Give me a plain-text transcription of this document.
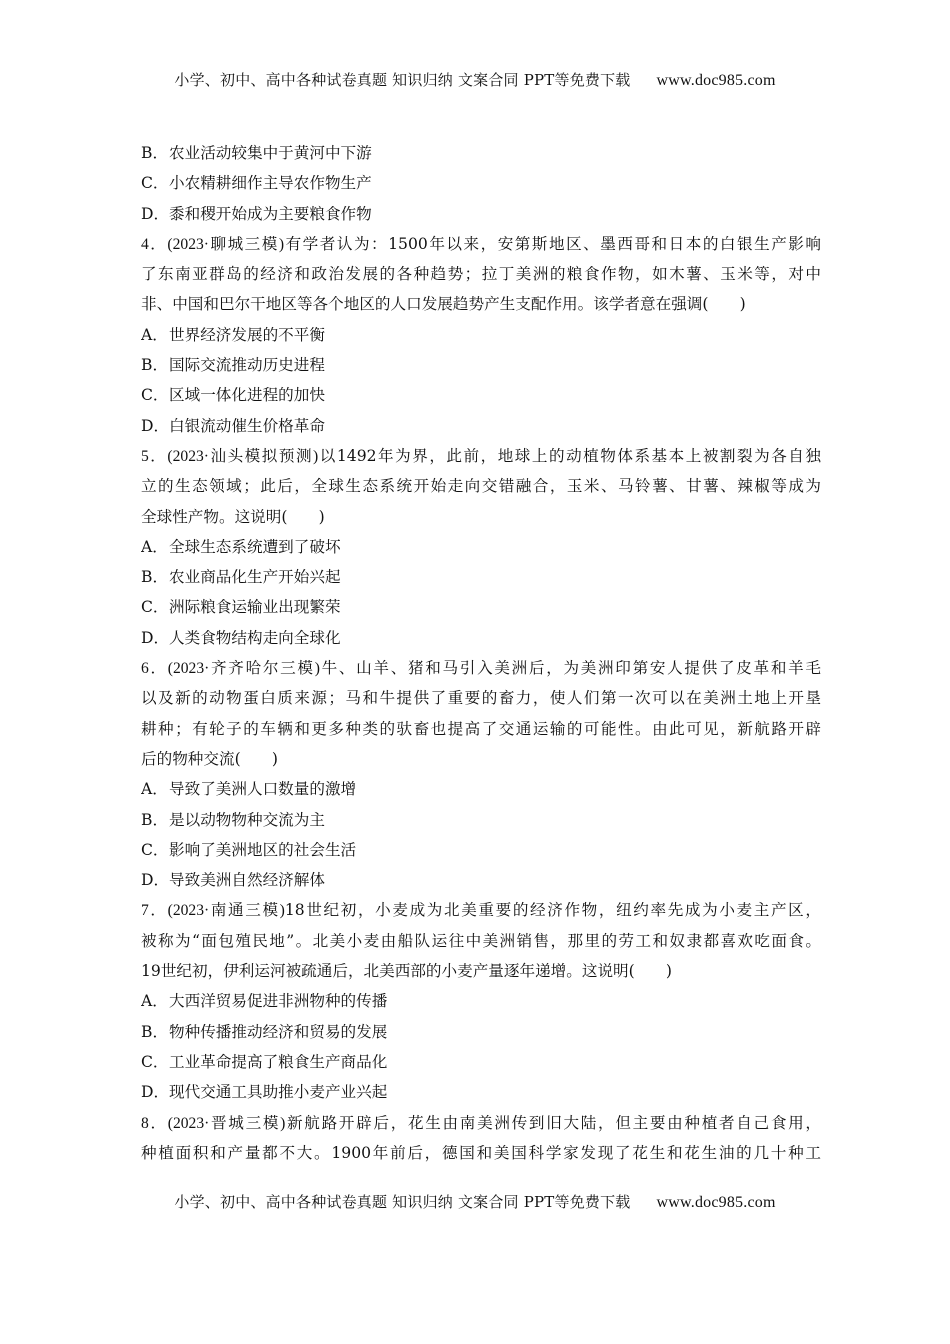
小学、初中、高中各种试卷真题 知识归纳 文案合同 PPT等免费下载 www.doc985.com
B．农业活动较集中于黄河中下游
C．小农精耕细作主导农作物生产
D．黍和稷开始成为主要粮食作物
4．(2023·聊城三模)有学者认为：1500年以来，安第斯地区、墨西哥和日本的白银生产影响
了东南亚群岛的经济和政治发展的各种趋势；拉丁美洲的粮食作物，如木薯、玉米等，对中
非、中国和巴尔干地区等各个地区的人口发展趋势产生支配作用。该学者意在强调(　　)
A．世界经济发展的不平衡
B．国际交流推动历史进程
C．区域一体化进程的加快
D．白银流动催生价格革命
5．(2023·汕头模拟预测)以1492年为界，此前，地球上的动植物体系基本上被割裂为各自独
立的生态领域；此后，全球生态系统开始走向交错融合，玉米、马铃薯、甘薯、辣椒等成为
全球性产物。这说明(　　)
A．全球生态系统遭到了破坏
B．农业商品化生产开始兴起
C．洲际粮食运输业出现繁荣
D．人类食物结构走向全球化
6．(2023·齐齐哈尔三模)牛、山羊、猪和马引入美洲后，为美洲印第安人提供了皮革和羊毛
以及新的动物蛋白质来源；马和牛提供了重要的畜力，使人们第一次可以在美洲土地上开垦
耕种；有轮子的车辆和更多种类的驮畜也提高了交通运输的可能性。由此可见，新航路开辟
后的物种交流(　　)
A．导致了美洲人口数量的激增
B．是以动物物种交流为主
C．影响了美洲地区的社会生活
D．导致美洲自然经济解体
7．(2023·南通三模)18世纪初，小麦成为北美重要的经济作物，纽约率先成为小麦主产区，
被称为“面包殖民地”。北美小麦由船队运往中美洲销售，那里的劳工和奴隶都喜欢吃面食。
19世纪初，伊利运河被疏通后，北美西部的小麦产量逐年递增。这说明(　　)
A．大西洋贸易促进非洲物种的传播
B．物种传播推动经济和贸易的发展
C．工业革命提高了粮食生产商品化
D．现代交通工具助推小麦产业兴起
8．(2023·晋城三模)新航路开辟后，花生由南美洲传到旧大陆，但主要由种植者自己食用，
种植面积和产量都不大。1900年前后，德国和美国科学家发现了花生和花生油的几十种工
小学、初中、高中各种试卷真题 知识归纳 文案合同 PPT等免费下载 www.doc985.com
